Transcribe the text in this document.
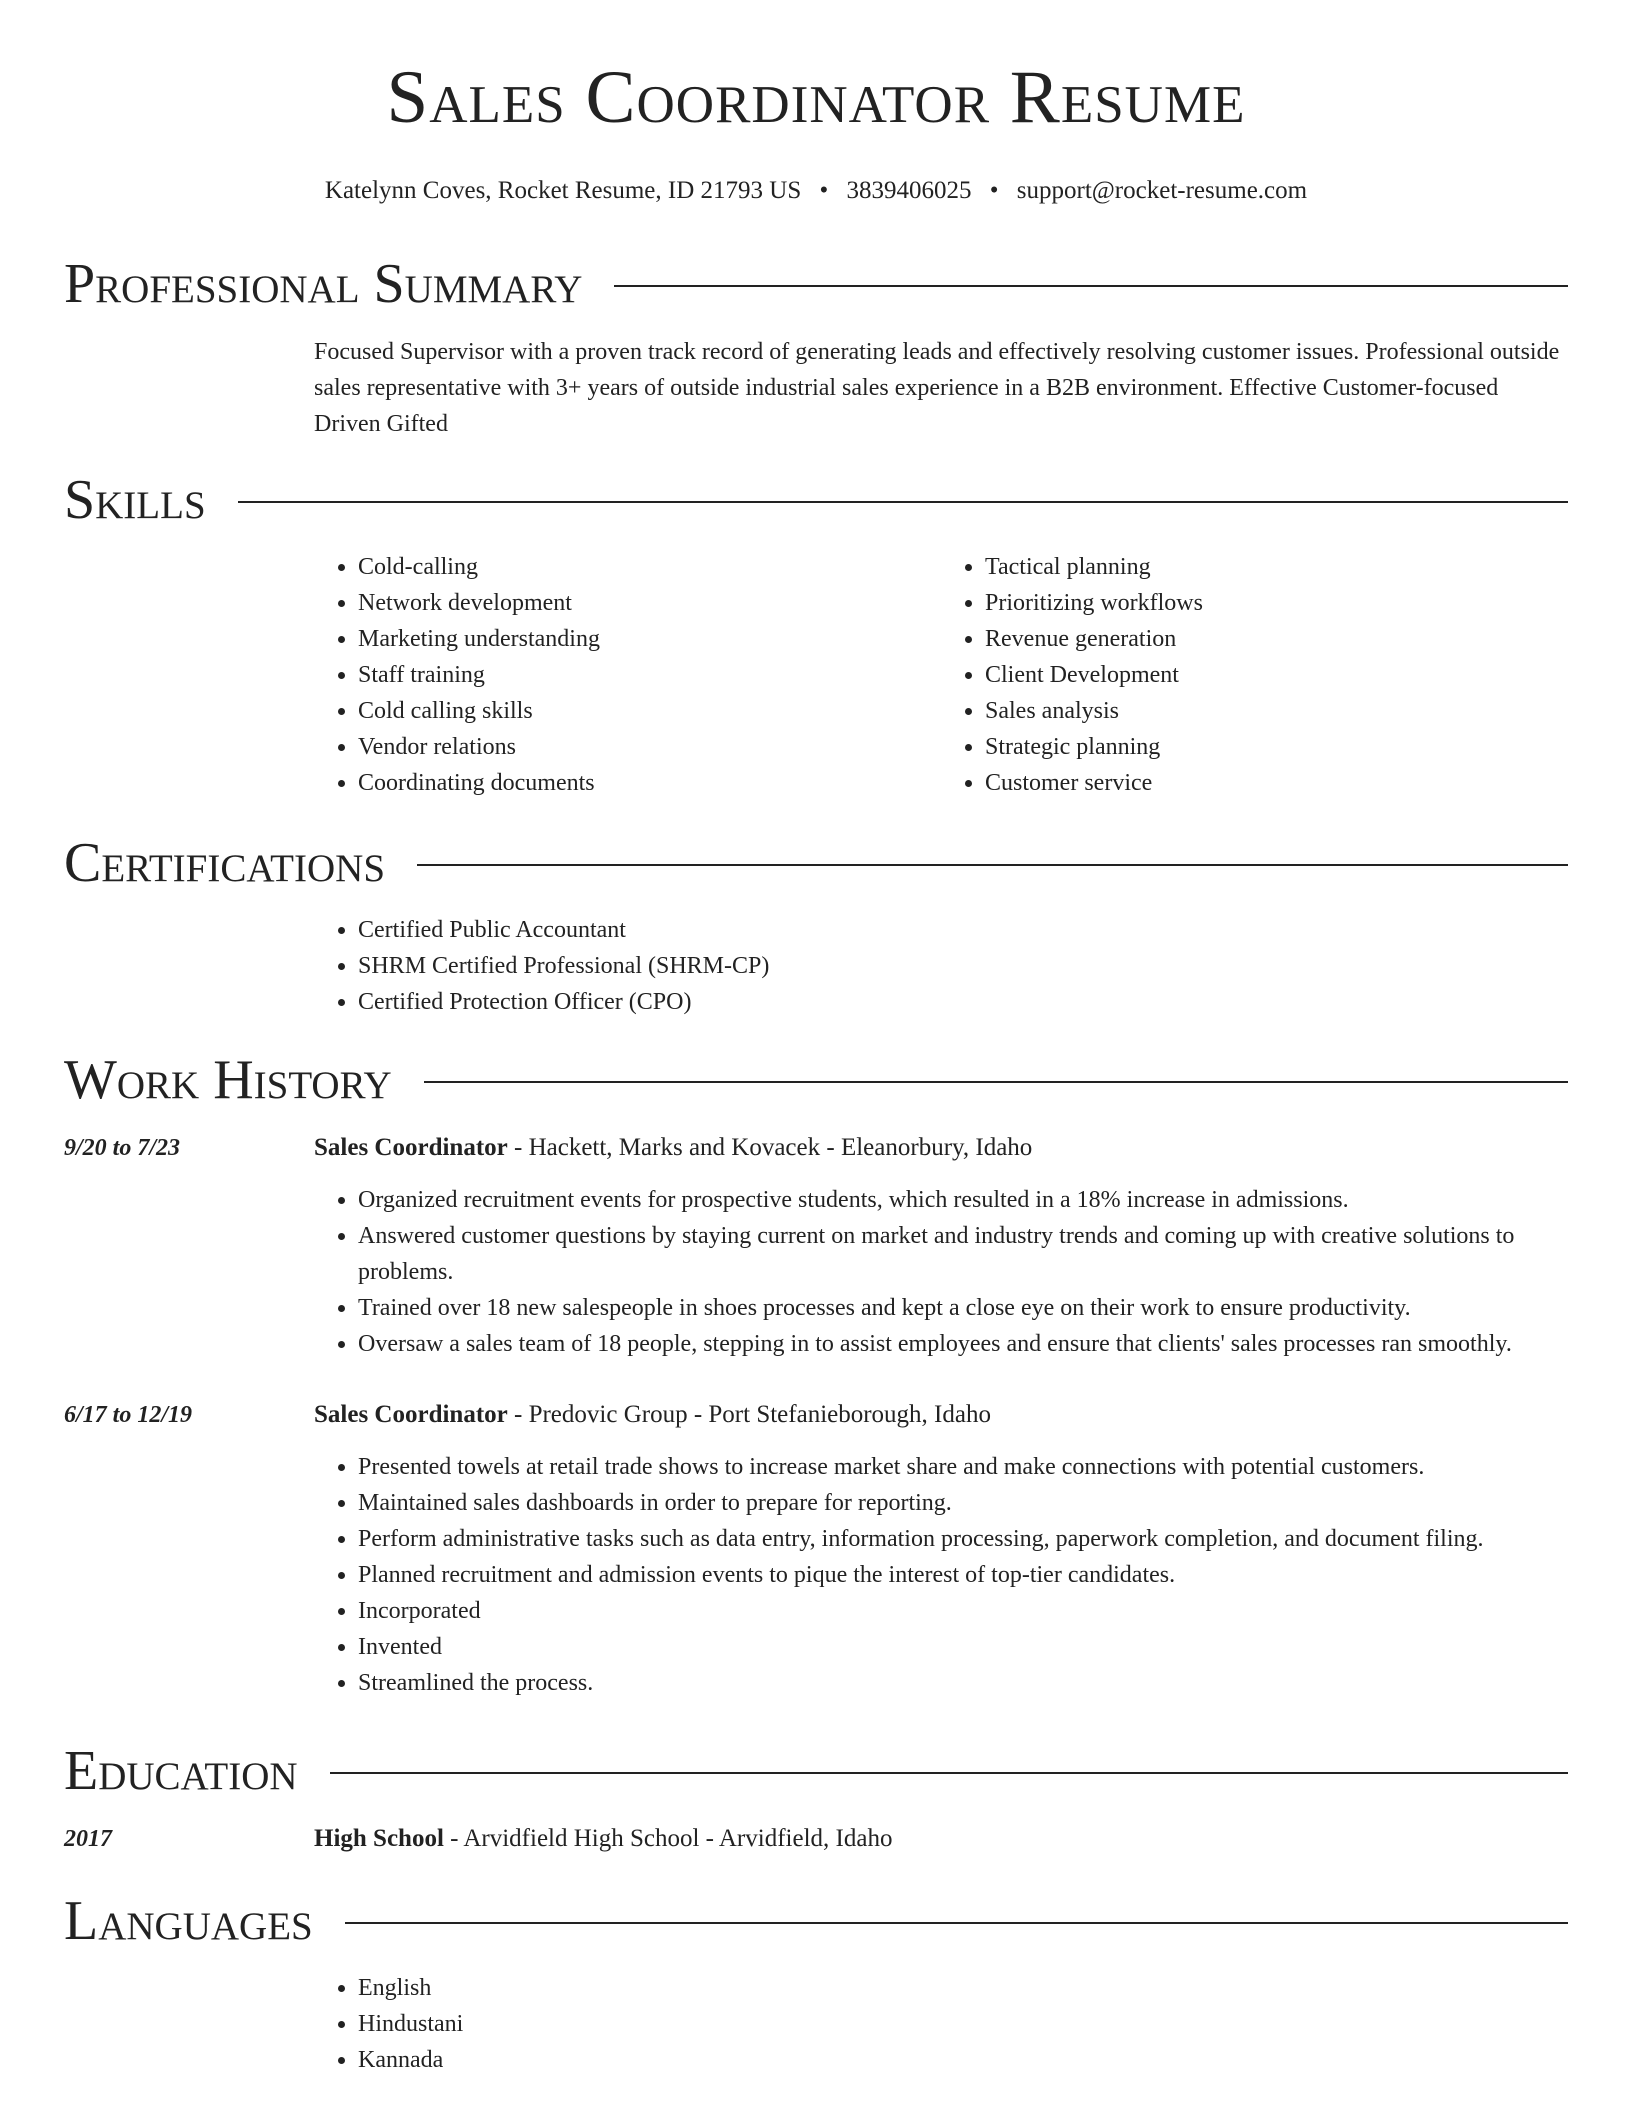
Sales Coordinator Resume
Katelynn Coves, Rocket Resume, ID 21793 US • 3839406025 • support@rocket-resume.com
Professional Summary
Focused Supervisor with a proven track record of generating leads and effectively resolving customer issues. Professional outside sales representative with 3+ years of outside industrial sales experience in a B2B environment. Effective Customer-focused Driven Gifted
Skills
• Cold-calling
• Network development
• Marketing understanding
• Staff training
• Cold calling skills
• Vendor relations
• Coordinating documents
• Tactical planning
• Prioritizing workflows
• Revenue generation
• Client Development
• Sales analysis
• Strategic planning
• Customer service
Certifications
• Certified Public Accountant
• SHRM Certified Professional (SHRM-CP)
• Certified Protection Officer (CPO)
Work History
9/20 to 7/23	Sales Coordinator - Hackett, Marks and Kovacek - Eleanorbury, Idaho
• Organized recruitment events for prospective students, which resulted in a 18% increase in admissions.
• Answered customer questions by staying current on market and industry trends and coming up with creative solutions to problems.
• Trained over 18 new salespeople in shoes processes and kept a close eye on their work to ensure productivity.
• Oversaw a sales team of 18 people, stepping in to assist employees and ensure that clients' sales processes ran smoothly.
6/17 to 12/19	Sales Coordinator - Predovic Group - Port Stefanieborough, Idaho
• Presented towels at retail trade shows to increase market share and make connections with potential customers.
• Maintained sales dashboards in order to prepare for reporting.
• Perform administrative tasks such as data entry, information processing, paperwork completion, and document filing.
• Planned recruitment and admission events to pique the interest of top-tier candidates.
• Incorporated
• Invented
• Streamlined the process.
Education
2017	High School - Arvidfield High School - Arvidfield, Idaho
Languages
• English
• Hindustani
• Kannada
